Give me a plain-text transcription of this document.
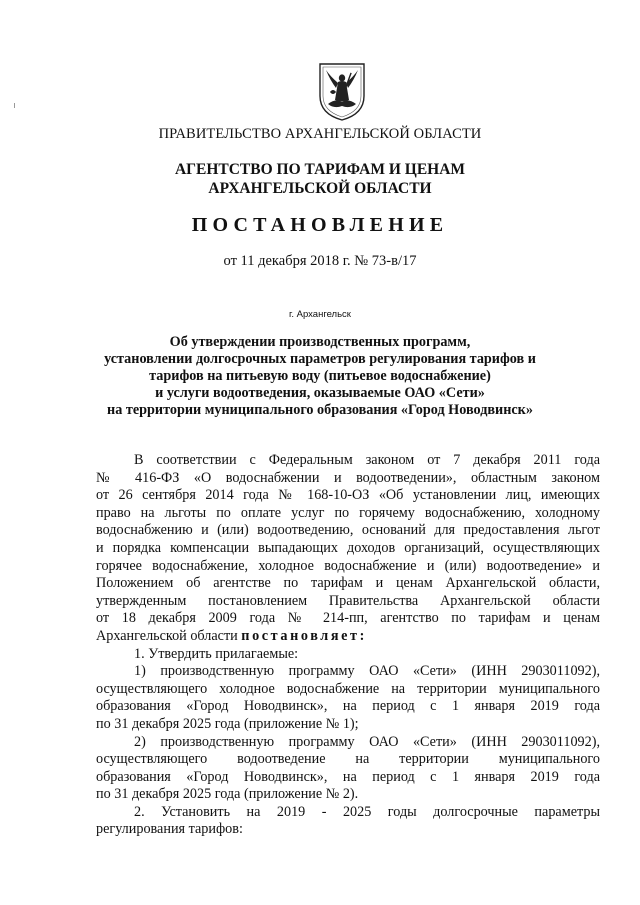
ПРАВИТЕЛЬСТВО АРХАНГЕЛЬСКОЙ ОБЛАСТИ
АГЕНТСТВО ПО ТАРИФАМ И ЦЕНАМ
АРХАНГЕЛЬСКОЙ ОБЛАСТИ
ПОСТАНОВЛЕНИЕ
от 11 декабря 2018 г. № 73-в/17
г. Архангельск
Об утверждении производственных программ,
установлении долгосрочных параметров регулирования тарифов и
тарифов на питьевую воду (питьевое водоснабжение)
и услуги водоотведения, оказываемые ОАО «Сети»
на территории муниципального образования «Город Новодвинск»
В соответствии с Федеральным законом от 7 декабря 2011 года
№ 416-ФЗ «О водоснабжении и водоотведении», областным законом
от 26 сентября 2014 года № 168-10-ОЗ «Об установлении лиц, имеющих
право на льготы по оплате услуг по горячему водоснабжению, холодному
водоснабжению и (или) водоотведению, оснований для предоставления льгот
и порядка компенсации выпадающих доходов организаций, осуществляющих
горячее водоснабжение, холодное водоснабжение и (или) водоотведение» и
Положением об агентстве по тарифам и ценам Архангельской области,
утвержденным постановлением Правительства Архангельской области
от 18 декабря 2009 года № 214-пп, агентство по тарифам и ценам
Архангельской области постановляет:
1. Утвердить прилагаемые:
1) производственную программу ОАО «Сети» (ИНН 2903011092),
осуществляющего холодное водоснабжение на территории муниципального
образования «Город Новодвинск», на период с 1 января 2019 года
по 31 декабря 2025 года (приложение № 1);
2) производственную программу ОАО «Сети» (ИНН 2903011092),
осуществляющего водоотведение на территории муниципального
образования «Город Новодвинск», на период с 1 января 2019 года
по 31 декабря 2025 года (приложение № 2).
2. Установить на 2019 - 2025 годы долгосрочные параметры
регулирования тарифов:
